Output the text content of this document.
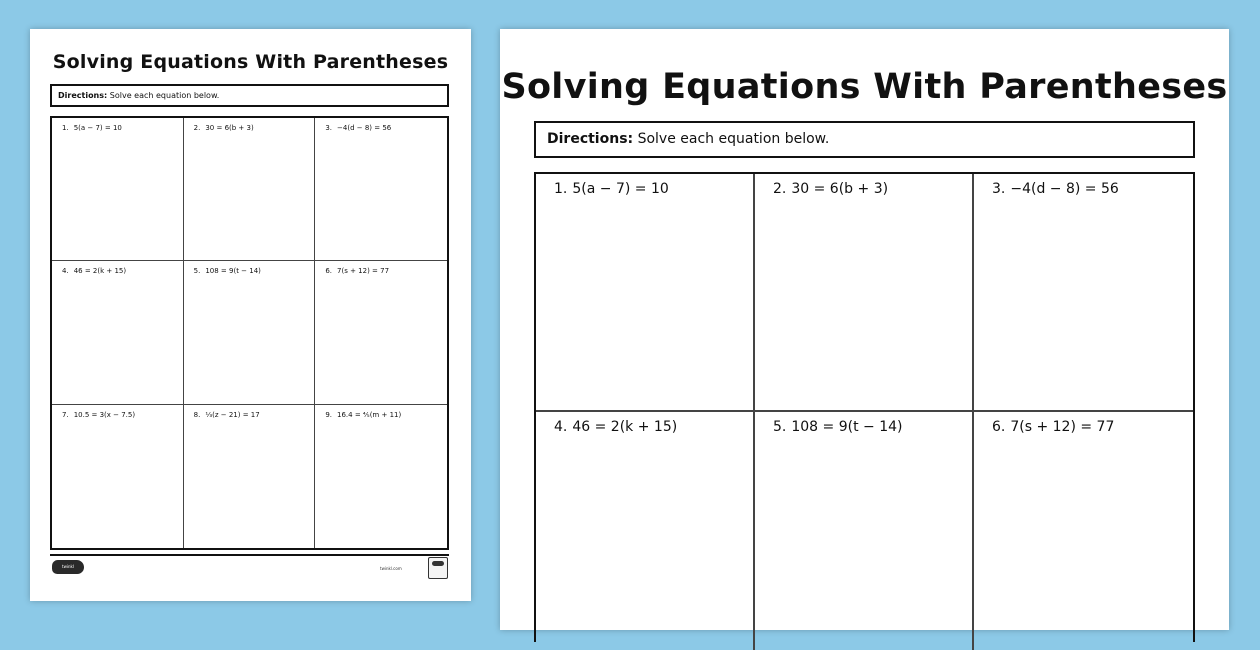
Solving Equations With Parentheses
Directions: Solve each equation below.
1. 5(a − 7) = 10	2. 30 = 6(b + 3)	3. −4(d − 8) = 56
4. 46 = 2(k + 15)	5. 108 = 9(t − 14)	6. 7(s + 12) = 77
7. 10.5 = 3(x − 7.5)	8. ⅓(z − 21) = 17	9. 16.4 = ⅘(m + 11)
twinkl	twinkl.com
Solving Equations With Parentheses
Directions: Solve each equation below.
1. 5(a − 7) = 10	2. 30 = 6(b + 3)	3. −4(d − 8) = 56
4. 46 = 2(k + 15)	5. 108 = 9(t − 14)	6. 7(s + 12) = 77
